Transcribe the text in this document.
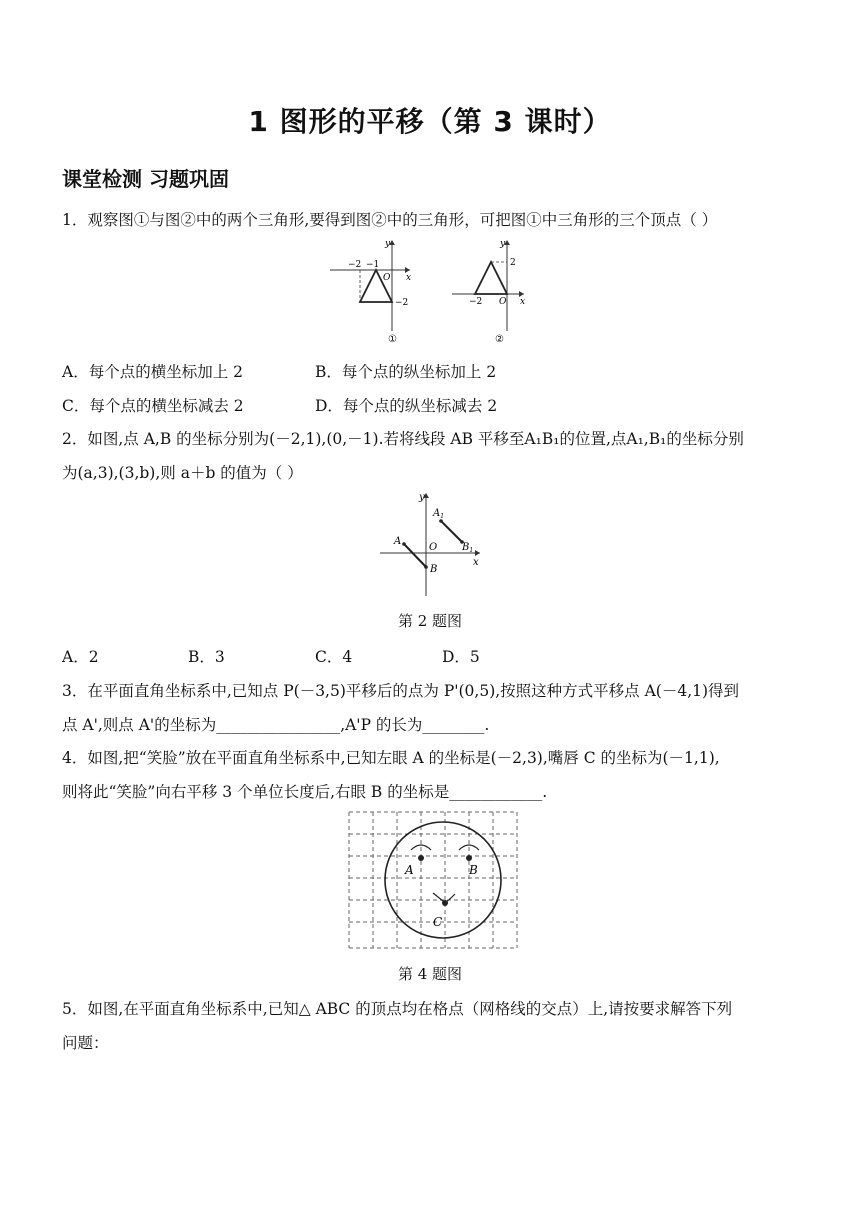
1 图形的平移（第 3 课时）
课堂检测 习题巩固
1．观察图①与图②中的两个三角形,要得到图②中的三角形，可把图①中三角形的三个顶点（ ）
y
x
O
−2 −1
−2
①
y
x
O
2
−2
②
A．每个点的横坐标加上 2	B．每个点的纵坐标加上 2
C．每个点的横坐标减去 2	D．每个点的纵坐标减去 2
2．如图,点 A,B 的坐标分别为(－2,1),(0,－1).若将线段 AB 平移至A₁B₁的位置,点A₁,B₁的坐标分别
为(a,3),(3,b),则 a＋b 的值为（ ）
y
x
O
A
B
$A_1$
$B_1$
第 2 题图
A．2	B．3	C．4	D．5
3．在平面直角坐标系中,已知点 P(－3,5)平移后的点为 P'(0,5),按照这种方式平移点 A(－4,1)得到
点 A',则点 A'的坐标为________________,A'P 的长为________.
4．如图,把“笑脸”放在平面直角坐标系中,已知左眼 A 的坐标是(－2,3),嘴唇 C 的坐标为(－1,1),
则将此“笑脸”向右平移 3 个单位长度后,右眼 B 的坐标是____________.
A	B
C
第 4 题图
5．如图,在平面直角坐标系中,已知△ ABC 的顶点均在格点（网格线的交点）上,请按要求解答下列
问题：
